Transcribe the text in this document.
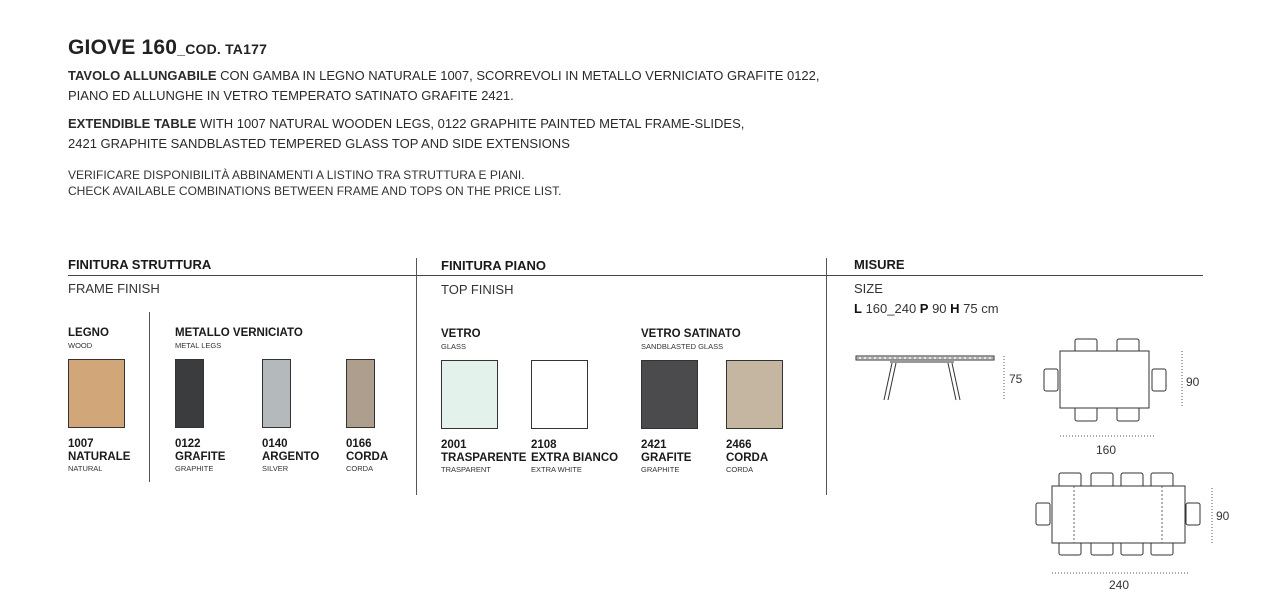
GIOVE 160_COD. TA177
TAVOLO ALLUNGABILE CON GAMBA IN LEGNO NATURALE 1007, SCORREVOLI IN METALLO VERNICIATO GRAFITE 0122,
PIANO ED ALLUNGHE IN VETRO TEMPERATO SATINATO GRAFITE 2421.
EXTENDIBLE TABLE WITH 1007 NATURAL WOODEN LEGS, 0122 GRAPHITE PAINTED METAL FRAME-SLIDES,
2421 GRAPHITE SANDBLASTED TEMPERED GLASS TOP AND SIDE EXTENSIONS
VERIFICARE DISPONIBILITÀ ABBINAMENTI A LISTINO TRA STRUTTURA E PIANI.
CHECK AVAILABLE COMBINATIONS BETWEEN FRAME AND TOPS ON THE PRICE LIST.
FINITURA STRUTTURA
FRAME FINISH
LEGNO
WOOD
METALLO VERNICIATO
METAL LEGS
1007
NATURALE
NATURAL
0122
GRAFITE
GRAPHITE
0140
ARGENTO
SILVER
0166
CORDA
CORDA
FINITURA PIANO
TOP FINISH
VETRO
GLASS
VETRO SATINATO
SANDBLASTED GLASS
2001
TRASPARENTE
TRASPARENT
2108
EXTRA BIANCO
EXTRA WHITE
2421
GRAFITE
GRAPHITE
2466
CORDA
CORDA
MISURE
SIZE
L 160_240 P 90 H 75 cm
75	90
160
90
240
